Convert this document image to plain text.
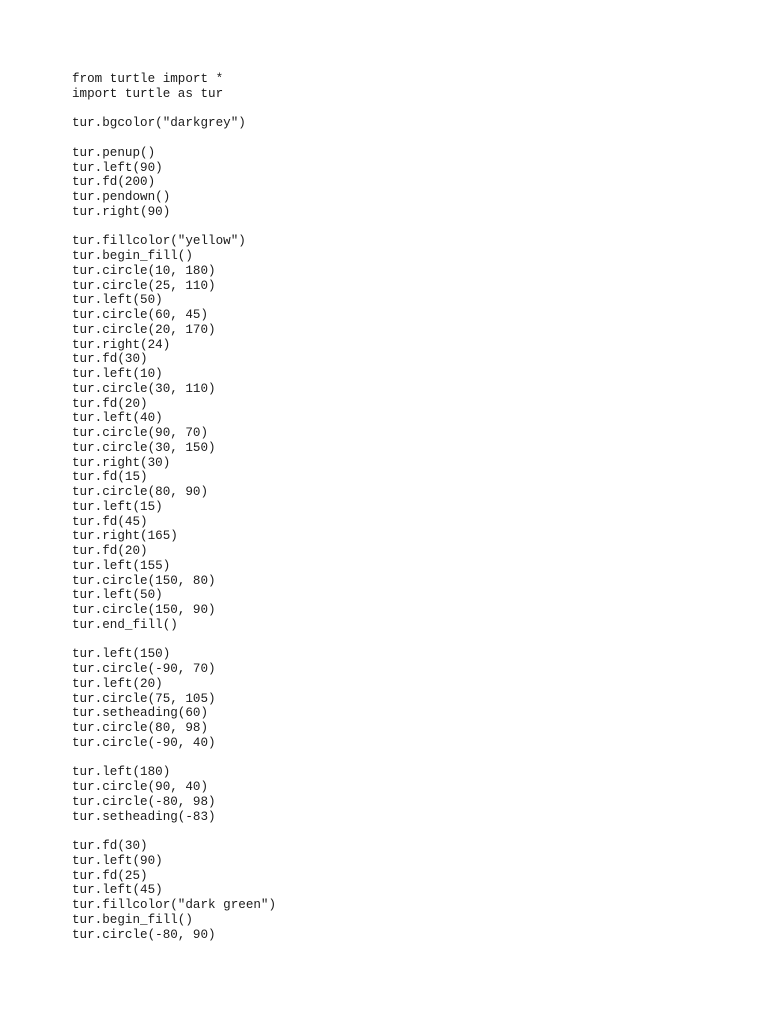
from turtle import *
import turtle as tur
tur.bgcolor("darkgrey")
tur.penup()
tur.left(90)
tur.fd(200)
tur.pendown()
tur.right(90)
tur.fillcolor("yellow")
tur.begin_fill()
tur.circle(10, 180)
tur.circle(25, 110)
tur.left(50)
tur.circle(60, 45)
tur.circle(20, 170)
tur.right(24)
tur.fd(30)
tur.left(10)
tur.circle(30, 110)
tur.fd(20)
tur.left(40)
tur.circle(90, 70)
tur.circle(30, 150)
tur.right(30)
tur.fd(15)
tur.circle(80, 90)
tur.left(15)
tur.fd(45)
tur.right(165)
tur.fd(20)
tur.left(155)
tur.circle(150, 80)
tur.left(50)
tur.circle(150, 90)
tur.end_fill()
tur.left(150)
tur.circle(-90, 70)
tur.left(20)
tur.circle(75, 105)
tur.setheading(60)
tur.circle(80, 98)
tur.circle(-90, 40)
tur.left(180)
tur.circle(90, 40)
tur.circle(-80, 98)
tur.setheading(-83)
tur.fd(30)
tur.left(90)
tur.fd(25)
tur.left(45)
tur.fillcolor("dark green")
tur.begin_fill()
tur.circle(-80, 90)
